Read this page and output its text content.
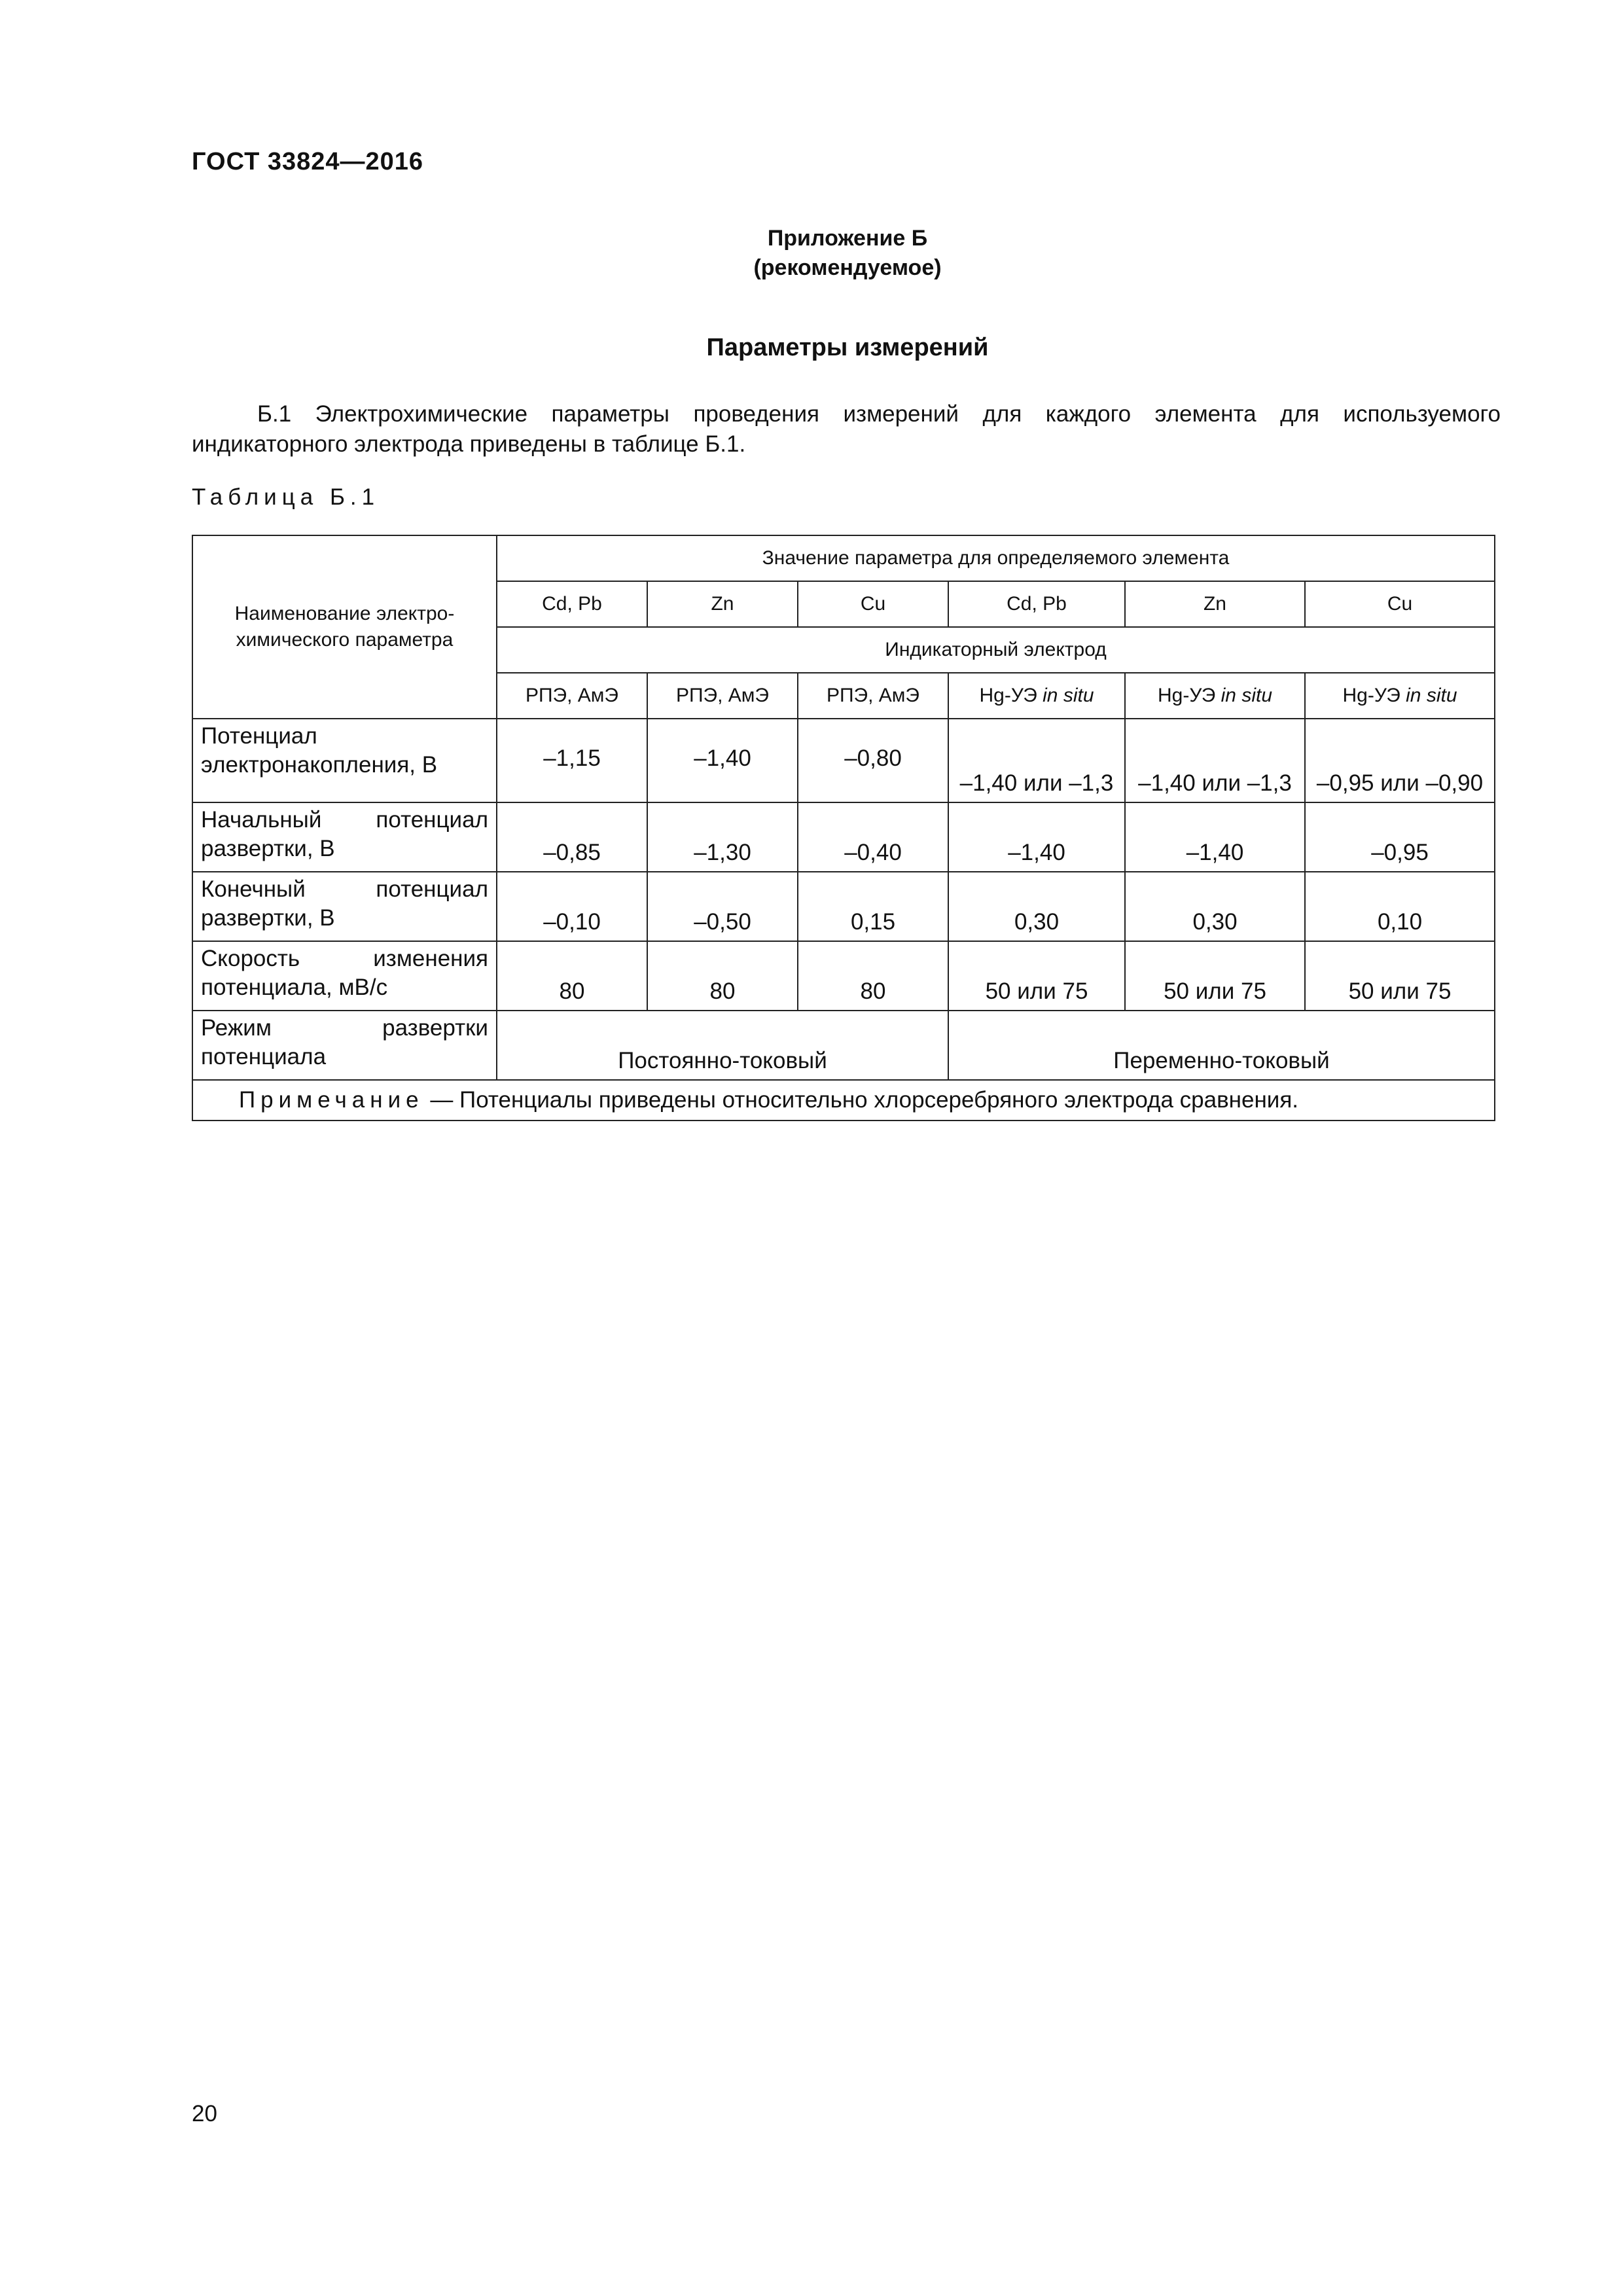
ГОСТ 33824—2016
Приложение Б
(рекомендуемое)
Параметры измерений
Б.1 Электрохимические параметры проведения измерений для каждого элемента для используемого индикаторного электрода приведены в таблице Б.1.
Таблица Б.1
Наименование электро-химического параметра	Значение параметра для определяемого элемента					
	Cd, Pb	Zn	Cu	Cd, Pb	Zn	Cu
	Индикаторный электрод					
	РПЭ, АмЭ	РПЭ, АмЭ	РПЭ, АмЭ	Hg-УЭ in situ	Hg-УЭ in situ	Hg-УЭ in situ
Потенциал электронакопления, В	–1,15	–1,40	–0,80	–1,40 или –1,3	–1,40 или –1,3	–0,95 или –0,90
Начальный потенциал развертки, В	–0,85	–1,30	–0,40	–1,40	–1,40	–0,95
Конечный потенциал развертки, В	–0,10	–0,50	0,15	0,30	0,30	0,10
Скорость изменения потенциала, мВ/с	80	80	80	50 или 75	50 или 75	50 или 75
Режим развертки потенциала	Постоянно-токовый			Переменно-токовый		
Примечание — Потенциалы приведены относительно хлорсеребряного электрода сравнения.						
20
